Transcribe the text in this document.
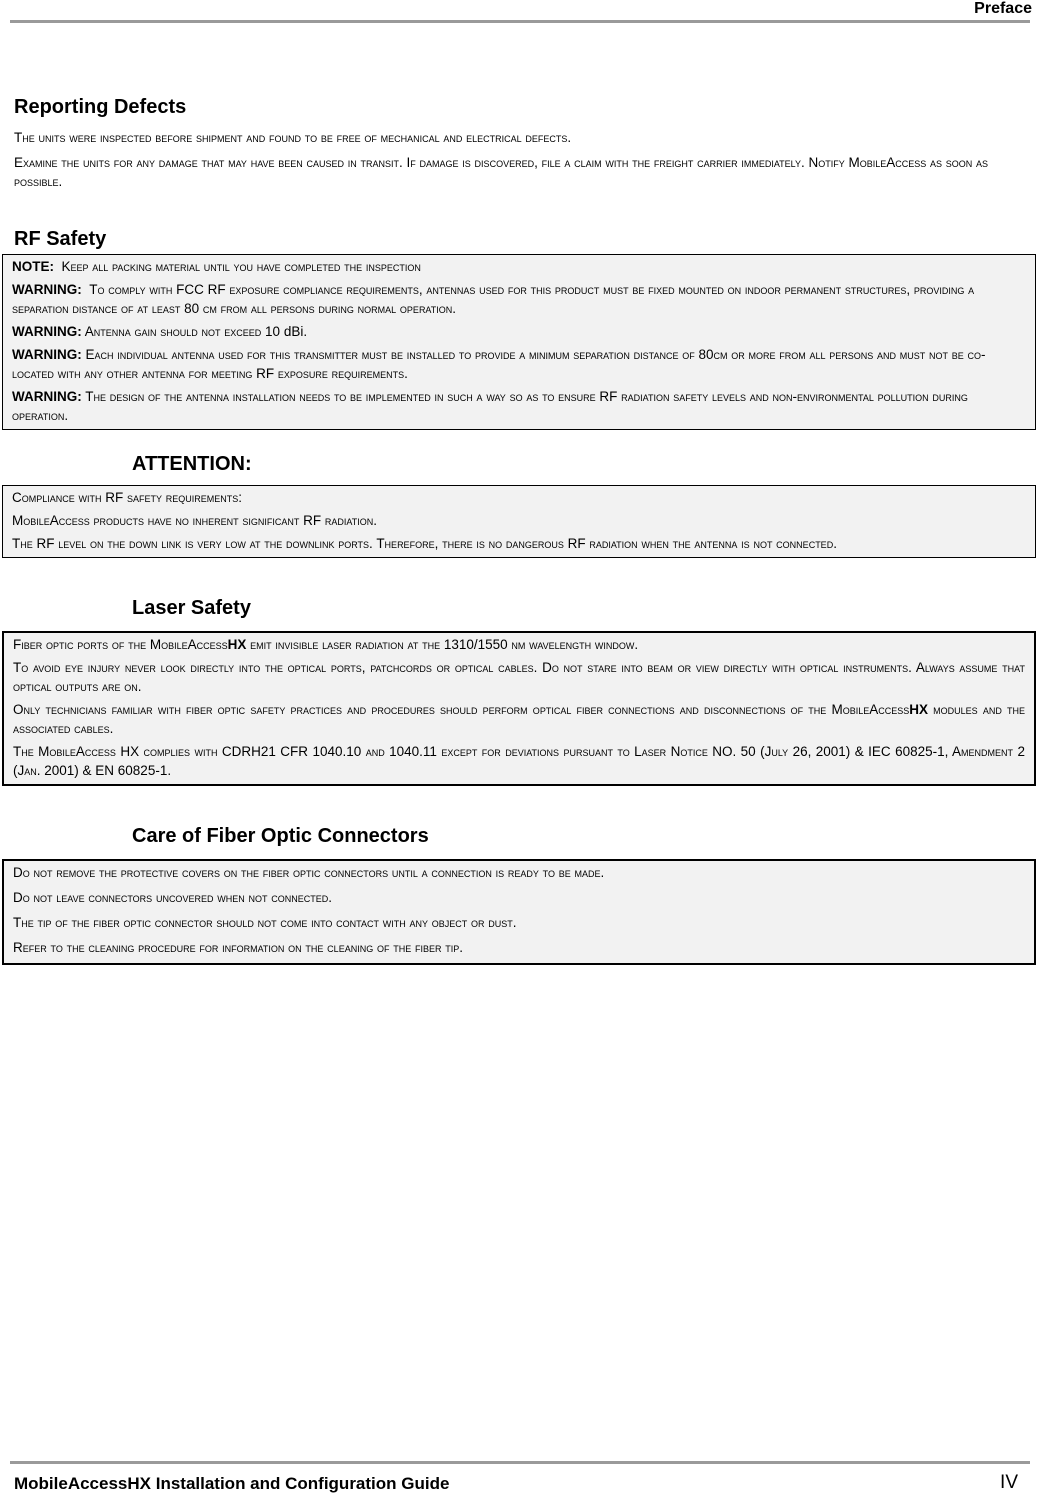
Preface
Reporting Defects

The units were inspected before shipment and found to be free of mechanical and electrical defects.

Examine the units for any damage that may have been caused in transit. If damage is discovered, file a claim with the freight carrier immediately. Notify MobileAccess as soon as possible.

RF Safety

NOTE: Keep all packing material until you have completed the inspection

WARNING: To comply with FCC RF exposure compliance requirements, antennas used for this product must be fixed mounted on indoor permanent structures, providing a separation distance of at least 80 cm from all persons during normal operation.

WARNING: Antenna gain should not exceed 10 dBi.

WARNING: Each individual antenna used for this transmitter must be installed to provide a minimum separation distance of 80cm or more from all persons and must not be co-located with any other antenna for meeting RF exposure requirements.

WARNING: The design of the antenna installation needs to be implemented in such a way so as to ensure RF radiation safety levels and non-environmental pollution during operation.

ATTENTION:

Compliance with RF safety requirements:

MobileAccess products have no inherent significant RF radiation.

The RF level on the down link is very low at the downlink ports. Therefore, there is no dangerous RF radiation when the antenna is not connected.

Laser Safety

Fiber optic ports of the MobileAccessHX emit invisible laser radiation at the 1310/1550 nm wavelength window.

To avoid eye injury never look directly into the optical ports, patchcords or optical cables. Do not stare into beam or view directly with optical instruments. Always assume that optical outputs are on.

Only technicians familiar with fiber optic safety practices and procedures should perform optical fiber connections and disconnections of the MobileAccessHX modules and the associated cables.

The MobileAccess HX complies with CDRH21 CFR 1040.10 and 1040.11 except for deviations pursuant to Laser Notice NO. 50 (July 26, 2001) & IEC 60825-1, Amendment 2 (Jan. 2001) & EN 60825-1.

Care of Fiber Optic Connectors

Do not remove the protective covers on the fiber optic connectors until a connection is ready to be made.

Do not leave connectors uncovered when not connected.

The tip of the fiber optic connector should not come into contact with any object or dust.

Refer to the cleaning procedure for information on the cleaning of the fiber tip.

MobileAccessHX Installation and Configuration Guide	IV
